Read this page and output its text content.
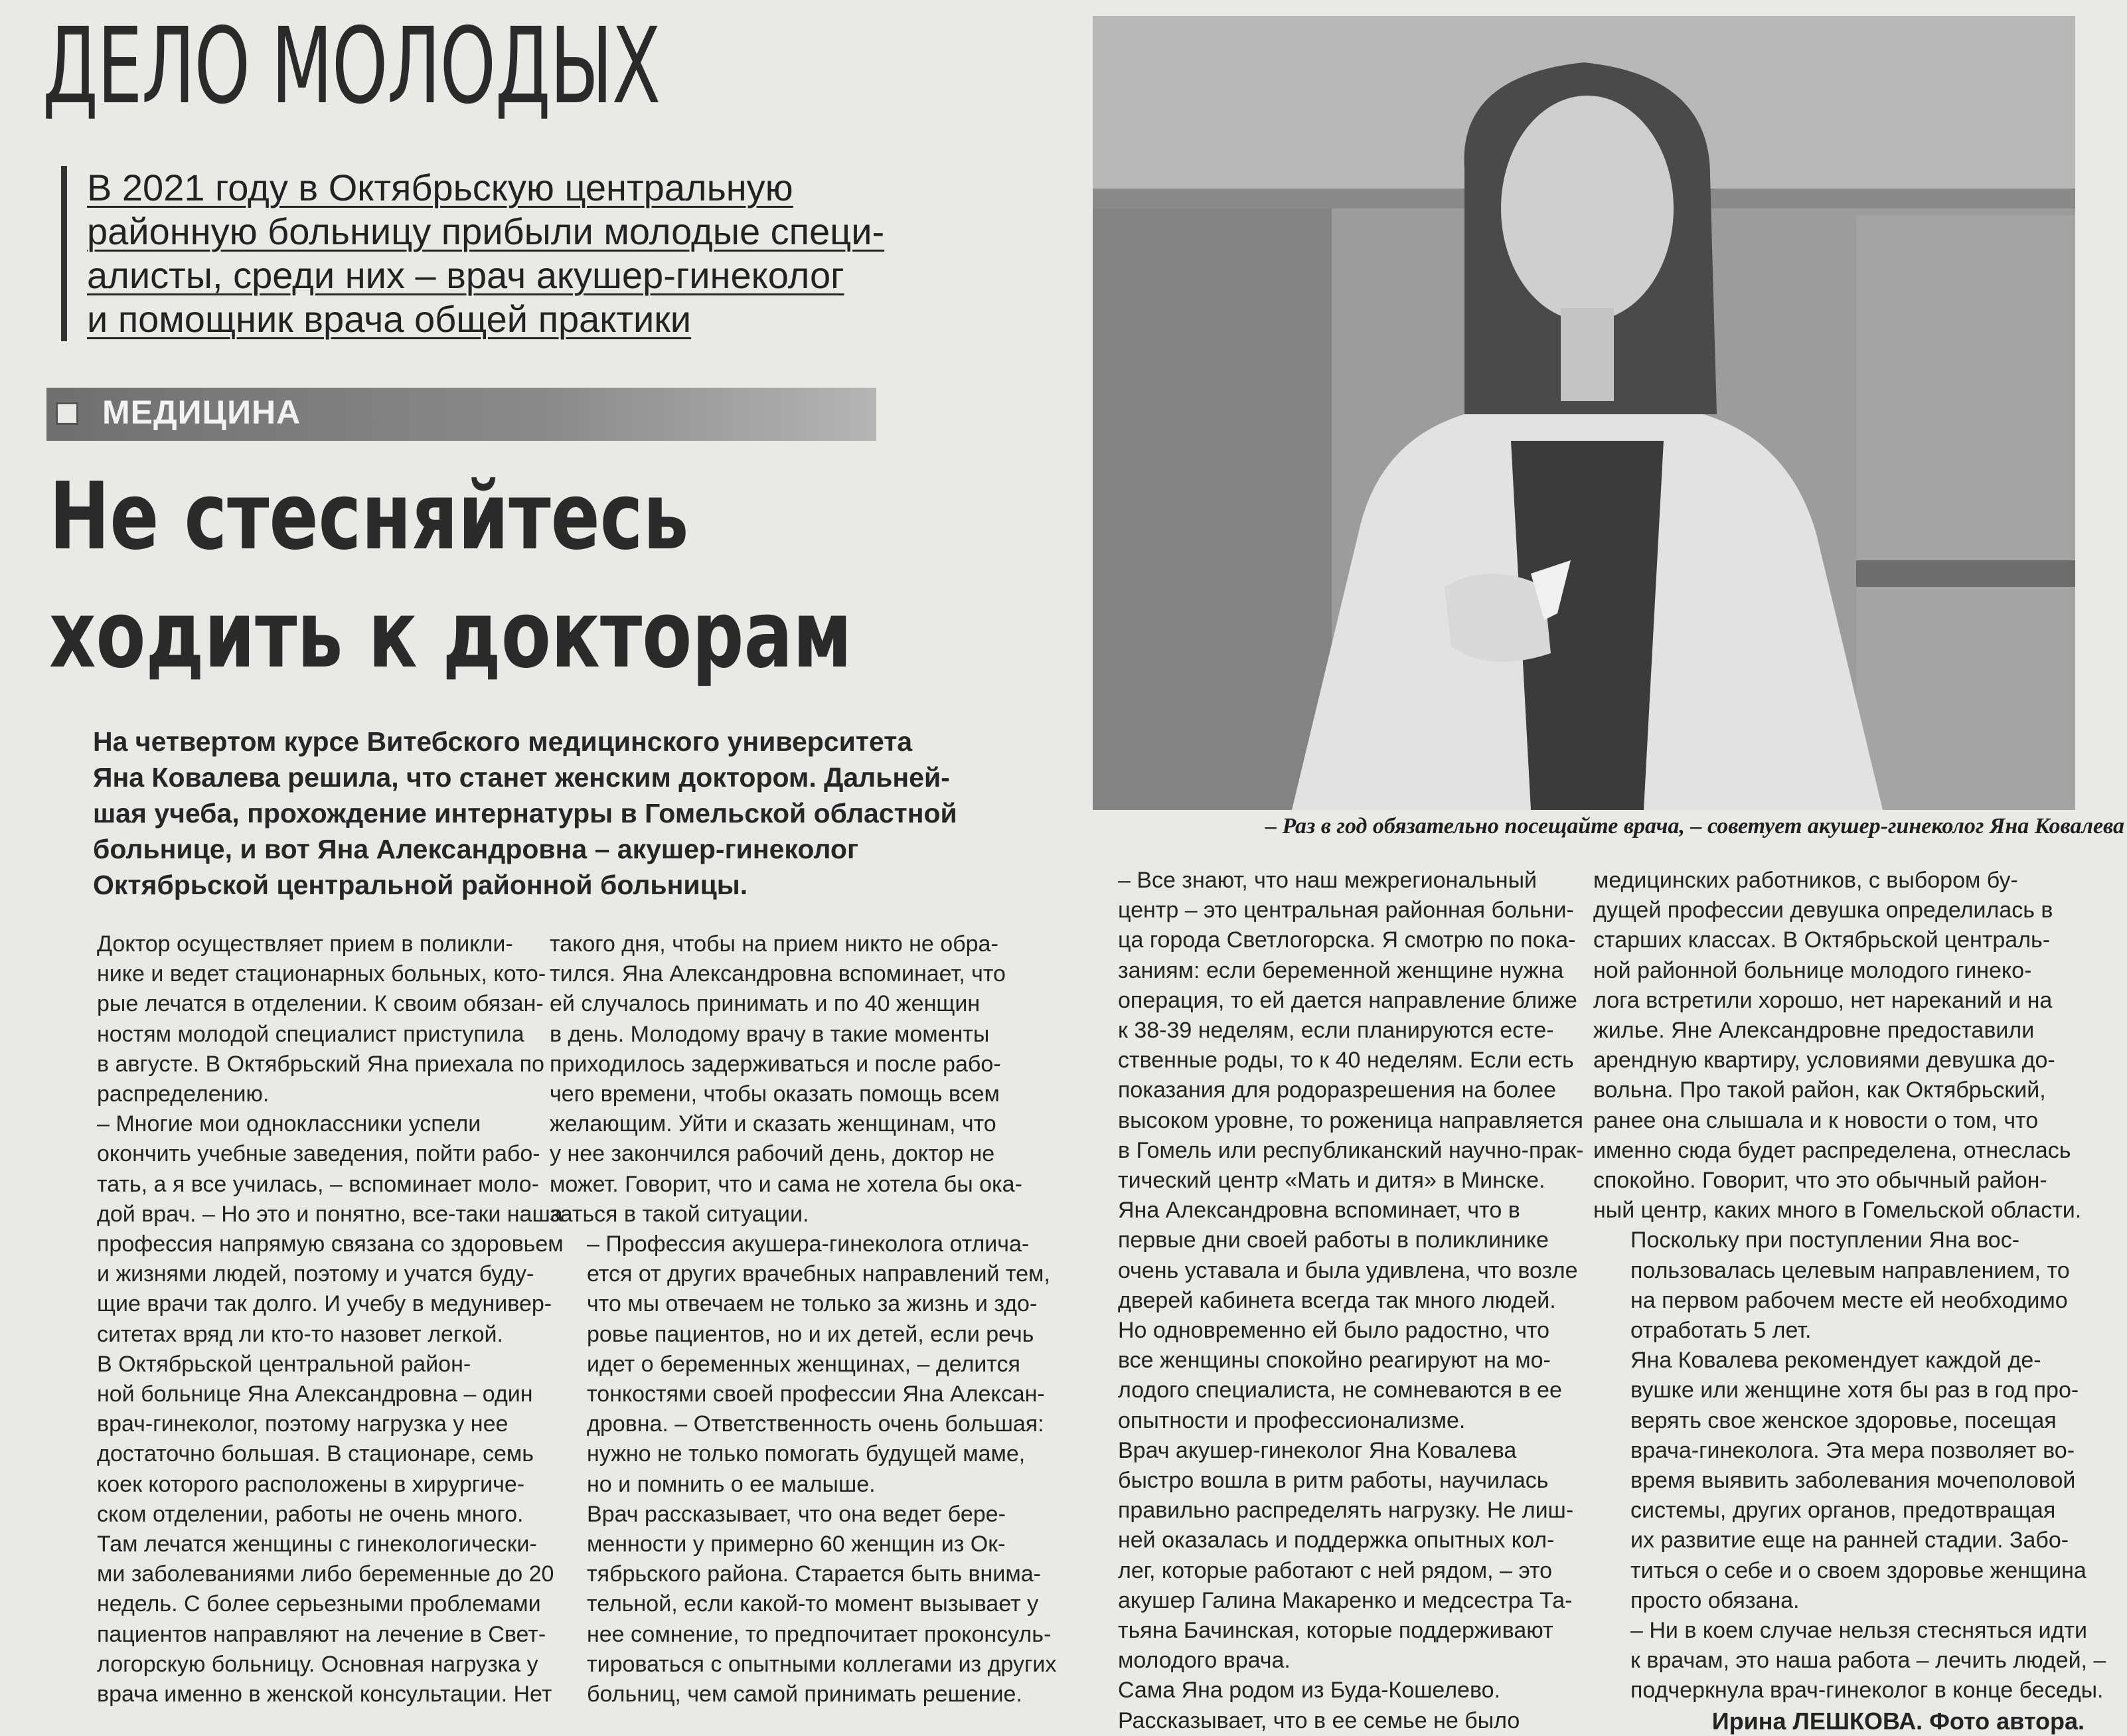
ДЕЛО МОЛОДЫХ
В 2021 году в Октябрьскую центральную
районную больницу прибыли молодые специ-
алисты, среди них – врач акушер-гинеколог
и помощник врача общей практики
МЕДИЦИНА
Не стесняйтесь
ходить к докторам
На четвертом курсе Витебского медицинского университета
Яна Ковалева решила, что станет женским доктором. Дальней-
шая учеба, прохождение интернатуры в Гомельской областной
больнице, и вот Яна Александровна – акушер-гинеколог
Октябрьской центральной районной больницы.
– Раз в год обязательно посещайте врача, – советует акушер-гинеколог Яна Ковалева

Доктор осуществляет прием в поликли-
нике и ведет стационарных больных, кото-
рые лечатся в отделении. К своим обязан-
ностям молодой специалист приступила
в августе. В Октябрьский Яна приехала по
распределению.

– Многие мои одноклассники успели
окончить учебные заведения, пойти рабо-
тать, а я все училась, – вспоминает моло-
дой врач. – Но это и понятно, все-таки наша
профессия напрямую связана со здоровьем
и жизнями людей, поэтому и учатся буду-
щие врачи так долго. И учебу в медунивер-
ситетах вряд ли кто-то назовет легкой.

В Октябрьской центральной район-
ной больнице Яна Александровна – один
врач-гинеколог, поэтому нагрузка у нее
достаточно большая. В стационаре, семь
коек которого расположены в хирургиче-
ском отделении, работы не очень много.
Там лечатся женщины с гинекологически-
ми заболеваниями либо беременные до 20
недель. С более серьезными проблемами
пациентов направляют на лечение в Свет-
логорскую больницу. Основная нагрузка у
врача именно в женской консультации. Нет

такого дня, чтобы на прием никто не обра-
тился. Яна Александровна вспоминает, что
ей случалось принимать и по 40 женщин
в день. Молодому врачу в такие моменты
приходилось задерживаться и после рабо-
чего времени, чтобы оказать помощь всем
желающим. Уйти и сказать женщинам, что
у нее закончился рабочий день, доктор не
может. Говорит, что и сама не хотела бы ока-
заться в такой ситуации.

– Профессия акушера-гинеколога отлича-
ется от других врачебных направлений тем,
что мы отвечаем не только за жизнь и здо-
ровье пациентов, но и их детей, если речь
идет о беременных женщинах, – делится
тонкостями своей профессии Яна Алексан-
дровна. – Ответственность очень большая:
нужно не только помогать будущей маме,
но и помнить о ее малыше.

Врач рассказывает, что она ведет бере-
менности у примерно 60 женщин из Ок-
тябрьского района. Старается быть внима-
тельной, если какой-то момент вызывает у
нее сомнение, то предпочитает проконсуль-
тироваться с опытными коллегами из других
больниц, чем самой принимать решение.

– Все знают, что наш межрегиональный
центр – это центральная районная больни-
ца города Светлогорска. Я смотрю по пока-
заниям: если беременной женщине нужна
операция, то ей дается направление ближе
к 38-39 неделям, если планируются есте-
ственные роды, то к 40 неделям. Если есть
показания для родоразрешения на более
высоком уровне, то роженица направляется
в Гомель или республиканский научно-прак-
тический центр «Мать и дитя» в Минске.

Яна Александровна вспоминает, что в
первые дни своей работы в поликлинике
очень уставала и была удивлена, что возле
дверей кабинета всегда так много людей.
Но одновременно ей было радостно, что
все женщины спокойно реагируют на мо-
лодого специалиста, не сомневаются в ее
опытности и профессионализме.

Врач акушер-гинеколог Яна Ковалева
быстро вошла в ритм работы, научилась
правильно распределять нагрузку. Не лиш-
ней оказалась и поддержка опытных кол-
лег, которые работают с ней рядом, – это
акушер Галина Макаренко и медсестра Та-
тьяна Бачинская, которые поддерживают
молодого врача.

Сама Яна родом из Буда-Кошелево.
Рассказывает, что в ее семье не было

медицинских работников, с выбором бу-
дущей профессии девушка определилась в
старших классах. В Октябрьской централь-
ной районной больнице молодого гинеко-
лога встретили хорошо, нет нареканий и на
жилье. Яне Александровне предоставили
арендную квартиру, условиями девушка до-
вольна. Про такой район, как Октябрьский,
ранее она слышала и к новости о том, что
именно сюда будет распределена, отнеслась
спокойно. Говорит, что это обычный район-
ный центр, каких много в Гомельской области.

Поскольку при поступлении Яна вос-
пользовалась целевым направлением, то
на первом рабочем месте ей необходимо
отработать 5 лет.

Яна Ковалева рекомендует каждой де-
вушке или женщине хотя бы раз в год про-
верять свое женское здоровье, посещая
врача-гинеколога. Эта мера позволяет во-
время выявить заболевания мочеполовой
системы, других органов, предотвращая
их развитие еще на ранней стадии. Забо-
титься о себе и о своем здоровье женщина
просто обязана.

– Ни в коем случае нельзя стесняться идти
к врачам, это наша работа – лечить людей, –
подчеркнула врач-гинеколог в конце беседы.

Ирина ЛЕШКОВА. Фото автора.
